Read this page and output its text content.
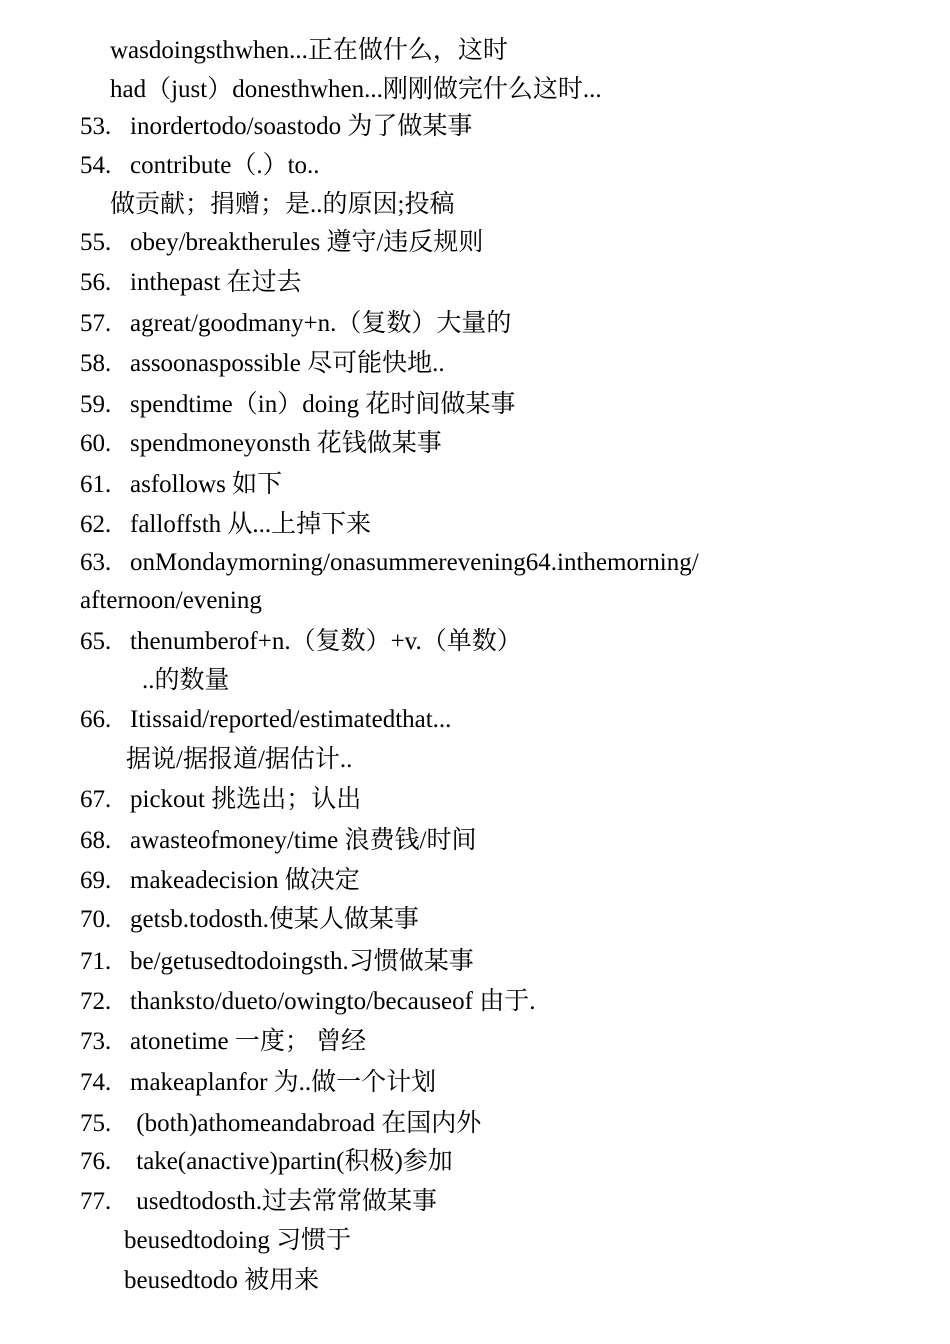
wasdoingsthwhen...正在做什么，这时
had（just）donesthwhen...刚刚做完什么这时...
53. inordertodo/soastodo 为了做某事
54. contribute（.）to..
做贡献；捐赠；是..的原因;投稿
55. obey/breaktherules 遵守/违反规则
56. inthepast 在过去
57. agreat/goodmany+n.（复数）大量的
58. assoonaspossible 尽可能快地..
59. spendtime（in）doing 花时间做某事
60. spendmoneyonsth 花钱做某事
61. asfollows 如下
62. falloffsth 从...上掉下来
63. onMondaymorning/onasummerevening64.inthemorning/
afternoon/evening
65. thenumberof+n.（复数）+v.（单数）
..的数量
66. Itissaid/reported/estimatedthat...
据说/据报道/据估计..
67. pickout 挑选出；认出
68. awasteofmoney/time 浪费钱/时间
69. makeadecision 做决定
70. getsb.todosth.使某人做某事
71. be/getusedtodoingsth.习惯做某事
72. thanksto/dueto/owingto/becauseof 由于.
73. atonetime 一度； 曾经
74. makeaplanfor 为..做一个计划
75. (both)athomeandabroad 在国内外
76. take(anactive)partin(积极)参加
77. usedtodosth.过去常常做某事
beusedtodoing 习惯于
beusedtodo 被用来
